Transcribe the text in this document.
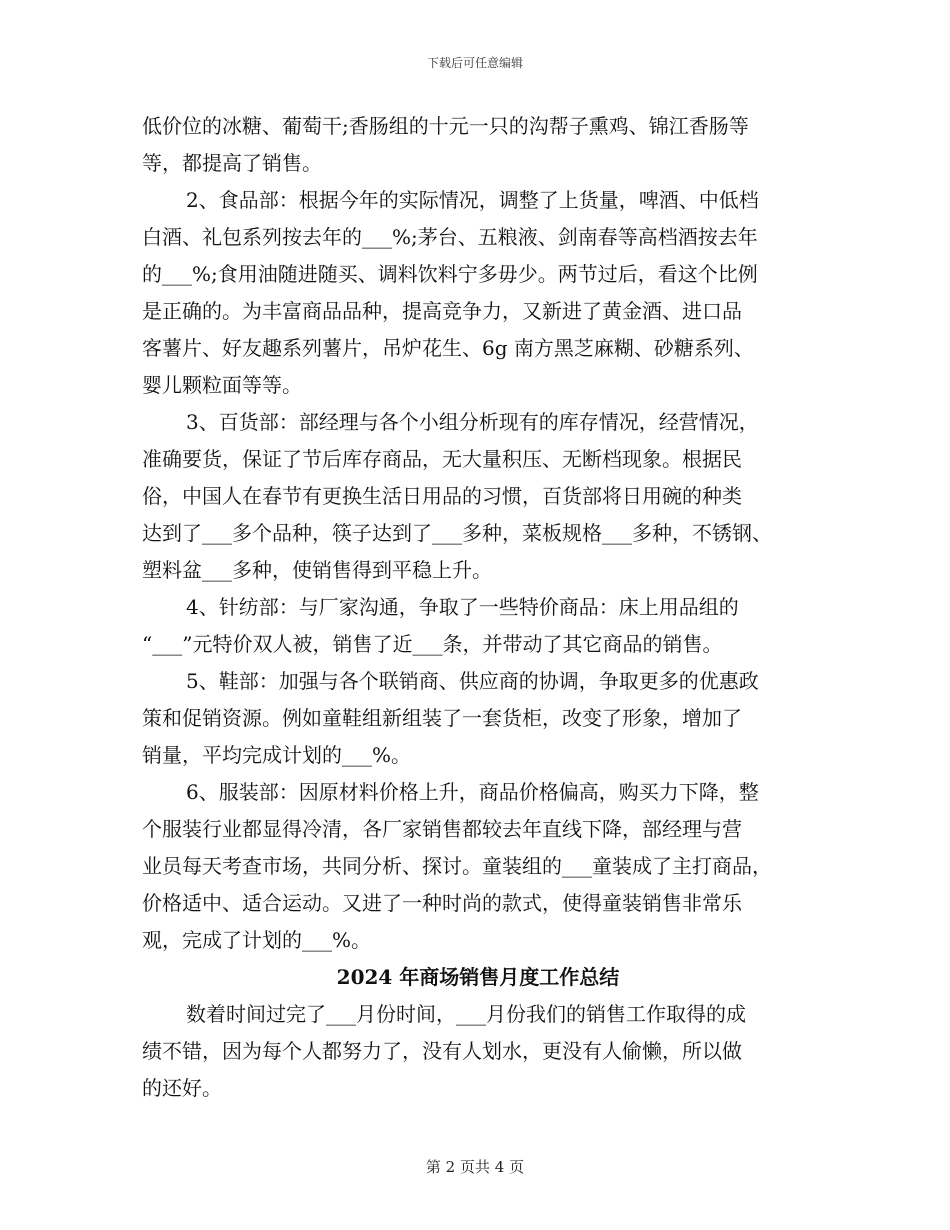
下载后可任意编辑
低价位的冰糖、葡萄干;香肠组的十元一只的沟帮子熏鸡、锦江香肠等
等，都提高了销售。
2、食品部：根据今年的实际情况，调整了上货量，啤酒、中低档
白酒、礼包系列按去年的___%;茅台、五粮液、剑南春等高档酒按去年
的___%;食用油随进随买、调料饮料宁多毋少。两节过后，看这个比例
是正确的。为丰富商品品种，提高竞争力，又新进了黄金酒、进口品
客薯片、好友趣系列薯片，吊炉花生、6g 南方黑芝麻糊、砂糖系列、
婴儿颗粒面等等。
3、百货部：部经理与各个小组分析现有的库存情况，经营情况，
准确要货，保证了节后库存商品，无大量积压、无断档现象。根据民
俗，中国人在春节有更换生活日用品的习惯，百货部将日用碗的种类
达到了___多个品种，筷子达到了___多种，菜板规格___多种，不锈钢、
塑料盆___多种，使销售得到平稳上升。
4、针纺部：与厂家沟通，争取了一些特价商品：床上用品组的
“___”元特价双人被，销售了近___条，并带动了其它商品的销售。
5、鞋部：加强与各个联销商、供应商的协调，争取更多的优惠政
策和促销资源。例如童鞋组新组装了一套货柜，改变了形象，增加了
销量，平均完成计划的___%。
6、服装部：因原材料价格上升，商品价格偏高，购买力下降，整
个服装行业都显得冷清，各厂家销售都较去年直线下降，部经理与营
业员每天考查市场，共同分析、探讨。童装组的___童装成了主打商品，
价格适中、适合运动。又进了一种时尚的款式，使得童装销售非常乐
观，完成了计划的___%。
2024 年商场销售月度工作总结
数着时间过完了___月份时间，___月份我们的销售工作取得的成
绩不错，因为每个人都努力了，没有人划水，更没有人偷懒，所以做
的还好。
第 2 页共 4 页
